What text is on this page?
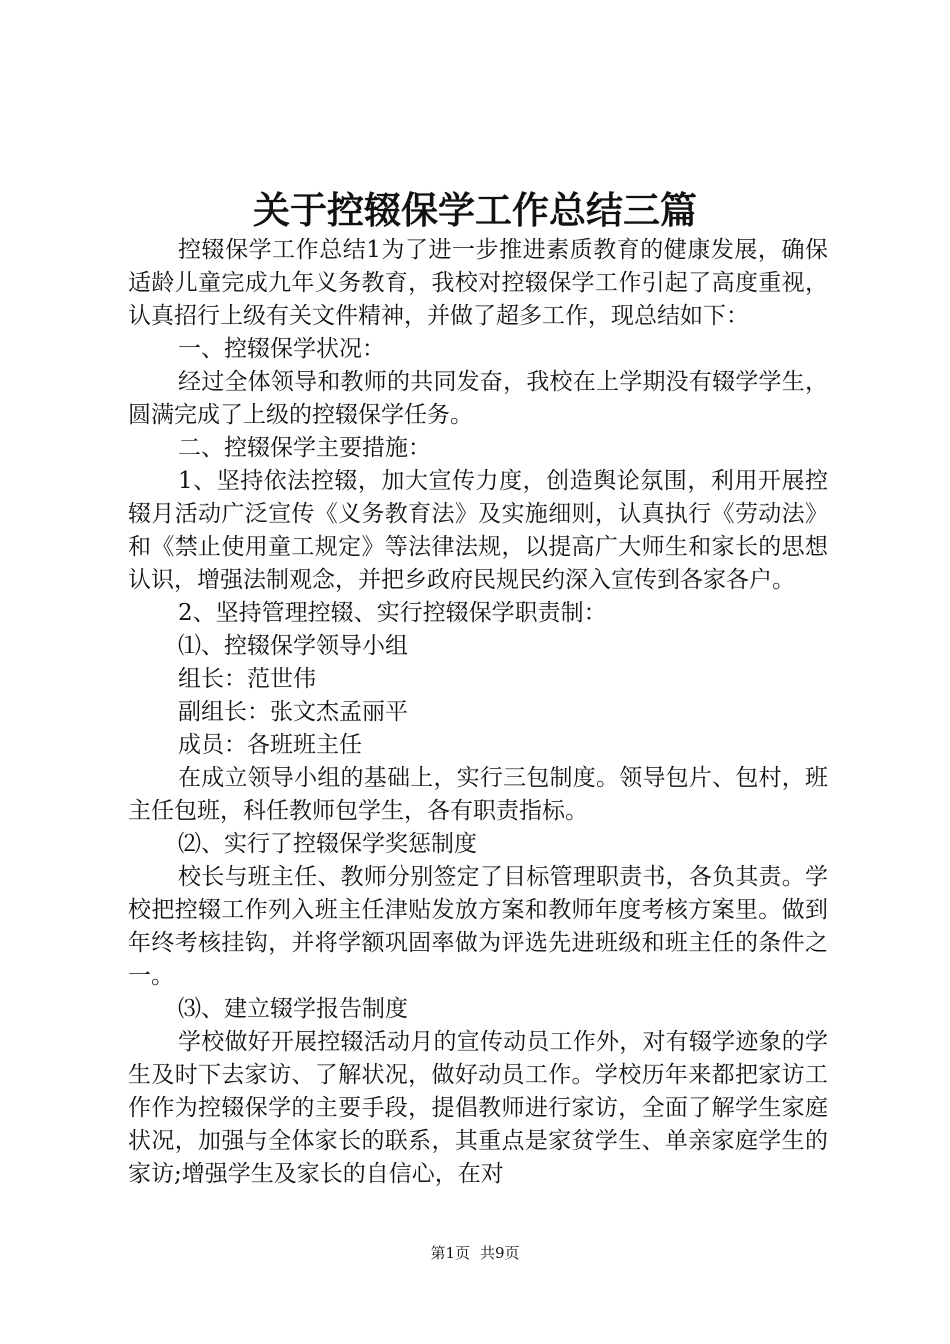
关于控辍保学工作总结三篇

控辍保学工作总结1为了进一步推进素质教育的健康发展，确保适龄儿童完成九年义务教育，我校对控辍保学工作引起了高度重视，认真招行上级有关文件精神，并做了超多工作，现总结如下：

一、控辍保学状况：

经过全体领导和教师的共同发奋，我校在上学期没有辍学学生，圆满完成了上级的控辍保学任务。

二、控辍保学主要措施：

1、坚持依法控辍，加大宣传力度，创造舆论氛围，利用开展控辍月活动广泛宣传《义务教育法》及实施细则，认真执行《劳动法》和《禁止使用童工规定》等法律法规，以提高广大师生和家长的思想认识，增强法制观念，并把乡政府民规民约深入宣传到各家各户。

2、坚持管理控辍、实行控辍保学职责制：

⑴、控辍保学领导小组

组长：范世伟

副组长：张文杰孟丽平

成员：各班班主任

在成立领导小组的基础上，实行三包制度。领导包片、包村，班主任包班，科任教师包学生，各有职责指标。

⑵、实行了控辍保学奖惩制度

校长与班主任、教师分别签定了目标管理职责书，各负其责。学校把控辍工作列入班主任津贴发放方案和教师年度考核方案里。做到年终考核挂钩，并将学额巩固率做为评选先进班级和班主任的条件之一。

⑶、建立辍学报告制度

学校做好开展控辍活动月的宣传动员工作外，对有辍学迹象的学生及时下去家访、了解状况，做好动员工作。学校历年来都把家访工作作为控辍保学的主要手段，提倡教师进行家访，全面了解学生家庭状况，加强与全体家长的联系，其重点是家贫学生、单亲家庭学生的家访;增强学生及家长的自信心，在对

第1页 共9页
